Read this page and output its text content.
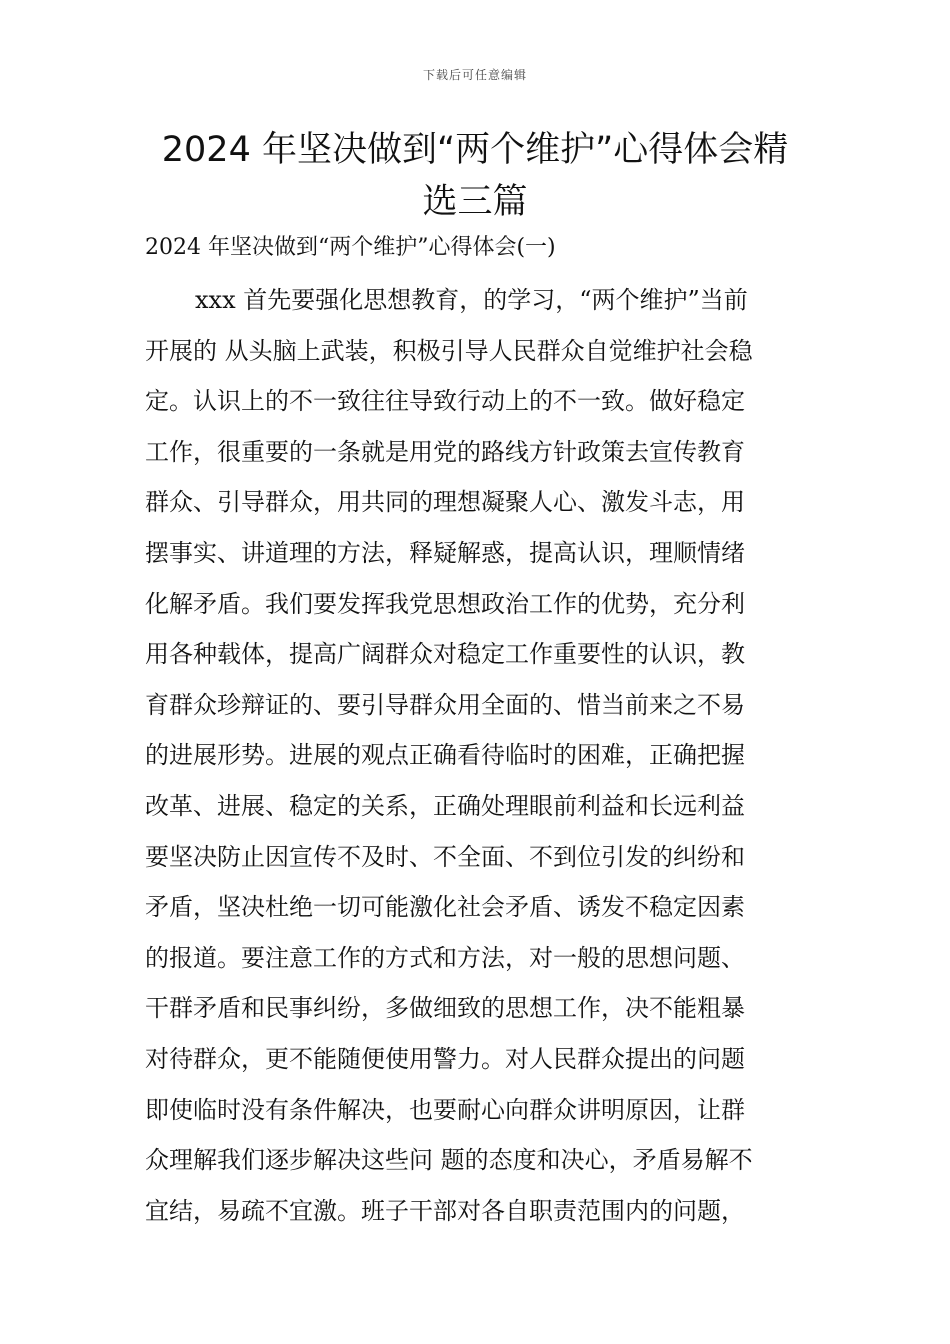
下载后可任意编辑
2024 年坚决做到“两个维护”心得体会精
选三篇

2024 年坚决做到“两个维护”心得体会(一)

xxx 首先要强化思想教育，的学习，“两个维护”当前
开展的 从头脑上武装，积极引导人民群众自觉维护社会稳
定。认识上的不一致往往导致行动上的不一致。做好稳定
工作，很重要的一条就是用党的路线方针政策去宣传教育
群众、引导群众，用共同的理想凝聚人心、激发斗志，用
摆事实、讲道理的方法，释疑解惑，提高认识，理顺情绪
化解矛盾。我们要发挥我党思想政治工作的优势，充分利
用各种载体，提高广阔群众对稳定工作重要性的认识，教
育群众珍辩证的、要引导群众用全面的、惜当前来之不易
的进展形势。进展的观点正确看待临时的困难，正确把握
改革、进展、稳定的关系，正确处理眼前利益和长远利益
要坚决防止因宣传不及时、不全面、不到位引发的纠纷和
矛盾，坚决杜绝一切可能激化社会矛盾、诱发不稳定因素
的报道。要注意工作的方式和方法，对一般的思想问题、
干群矛盾和民事纠纷，多做细致的思想工作，决不能粗暴
对待群众，更不能随便使用警力。对人民群众提出的问题
即使临时没有条件解决，也要耐心向群众讲明原因，让群
众理解我们逐步解决这些问 题的态度和决心，矛盾易解不
宜结，易疏不宜激。班子干部对各自职责范围内的问题，
